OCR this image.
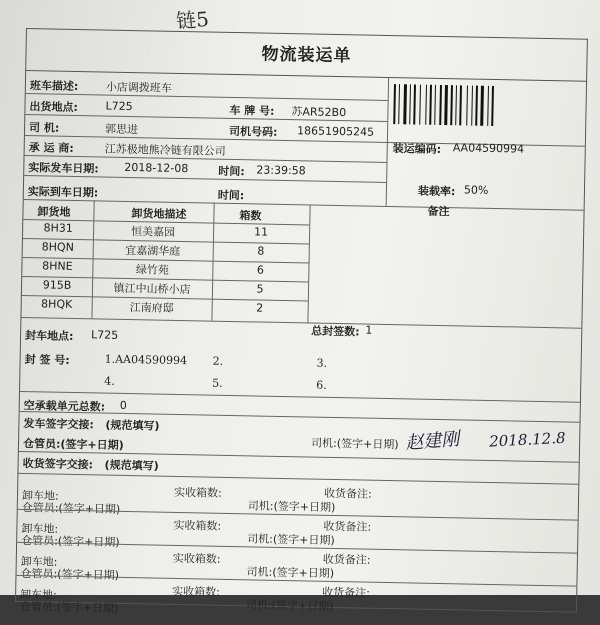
链5
物流装运单
班车描述: 小店调拨班车
出货地点: L725	车 牌 号: 苏AR52B0
司 机:	郭思进	司机号码: 18651905245
承 运 商:	江苏极地熊冷链有限公司	装运编码: AA04590994
实际发车日期: 2018-12-08	时间: 23:39:58
实际到车日期:	时间:	装载率: 50%
卸货地	卸货地描述	箱数	备注
8H31	恒美嘉园	11
8HQN	宜嘉湖华庭	8
8HNE	绿竹苑	6
915B	镇江中山桥小店	5
8HQK	江南府邸	2
封车地点: L725	总封签数: 1
封 签 号:	1.AA04590994 2.	3.
4.	5.	6.
空承载单元总数: 0
发车签字交接: (规范填写)
仓管员:(签字+日期)	司机:(签字+日期) 赵建刚 2018.12.8
收货签字交接: (规范填写)
卸车地:
仓管员:(签字+日期)
实收箱数:
司机:(签字+日期)
收货备注:
卸车地:
仓管员:(签字+日期)
实收箱数:
司机:(签字+日期)
收货备注:
卸车地:
仓管员:(签字+日期)
实收箱数:
司机:(签字+日期)
收货备注:
卸车地:
仓管员:(签字+日期)
实收箱数:
司机:(签字+日期)
收货备注:
